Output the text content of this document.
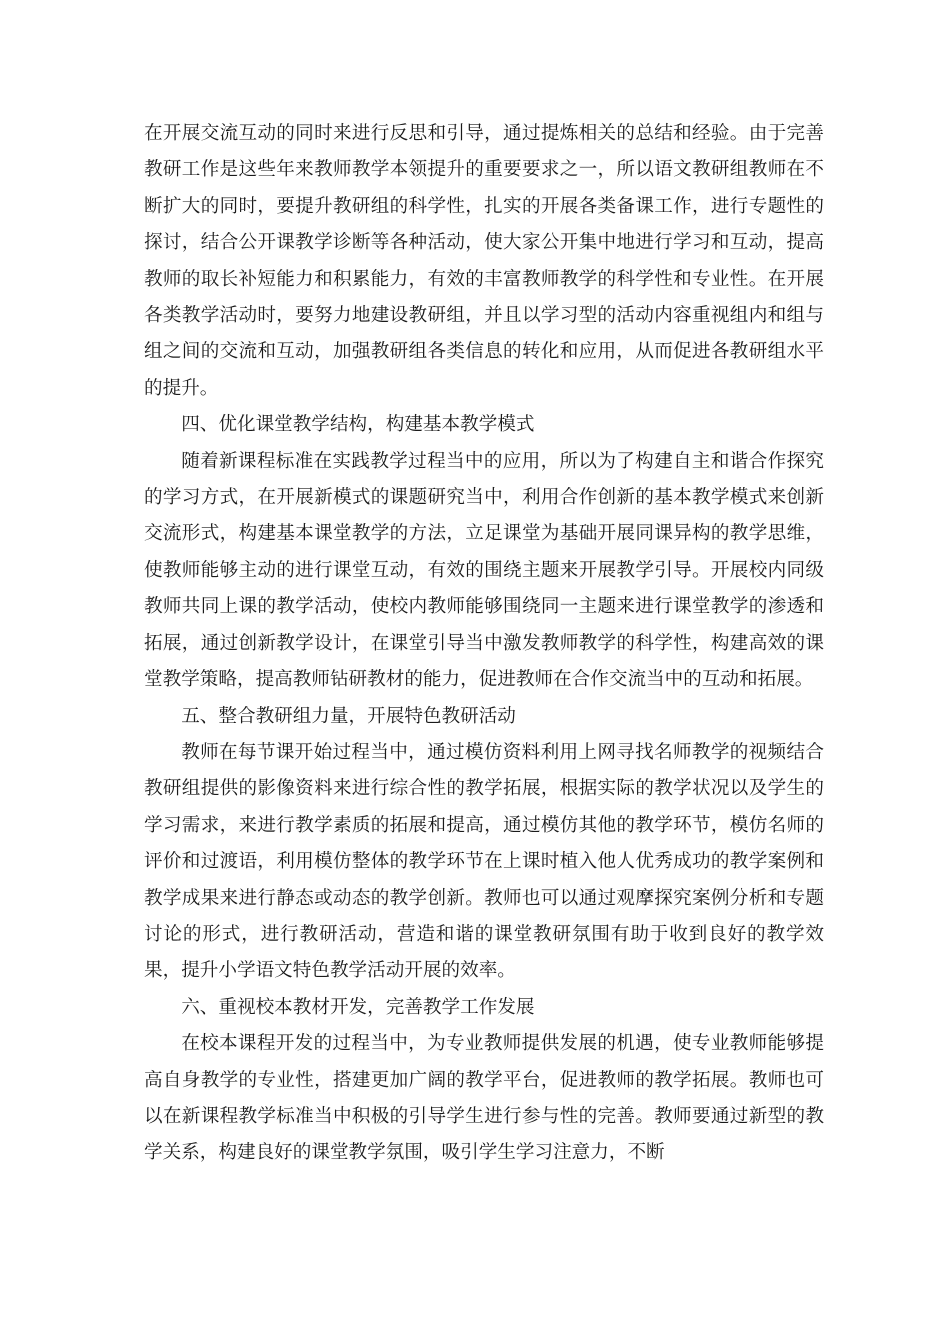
在开展交流互动的同时来进行反思和引导，通过提炼相关的总结和经验。由于完善教研工作是这些年来教师教学本领提升的重要要求之一，所以语文教研组教师在不断扩大的同时，要提升教研组的科学性，扎实的开展各类备课工作，进行专题性的探讨，结合公开课教学诊断等各种活动，使大家公开集中地进行学习和互动，提高教师的取长补短能力和积累能力，有效的丰富教师教学的科学性和专业性。在开展各类教学活动时，要努力地建设教研组，并且以学习型的活动内容重视组内和组与组之间的交流和互动，加强教研组各类信息的转化和应用，从而促进各教研组水平的提升。

四、优化课堂教学结构，构建基本教学模式

随着新课程标准在实践教学过程当中的应用，所以为了构建自主和谐合作探究的学习方式，在开展新模式的课题研究当中，利用合作创新的基本教学模式来创新交流形式，构建基本课堂教学的方法，立足课堂为基础开展同课异构的教学思维，使教师能够主动的进行课堂互动，有效的围绕主题来开展教学引导。开展校内同级教师共同上课的教学活动，使校内教师能够围绕同一主题来进行课堂教学的渗透和拓展，通过创新教学设计，在课堂引导当中激发教师教学的科学性，构建高效的课堂教学策略，提高教师钻研教材的能力，促进教师在合作交流当中的互动和拓展。

五、整合教研组力量，开展特色教研活动

教师在每节课开始过程当中，通过模仿资料利用上网寻找名师教学的视频结合教研组提供的影像资料来进行综合性的教学拓展，根据实际的教学状况以及学生的学习需求，来进行教学素质的拓展和提高，通过模仿其他的教学环节，模仿名师的评价和过渡语，利用模仿整体的教学环节在上课时植入他人优秀成功的教学案例和教学成果来进行静态或动态的教学创新。教师也可以通过观摩探究案例分析和专题讨论的形式，进行教研活动，营造和谐的课堂教研氛围有助于收到良好的教学效果，提升小学语文特色教学活动开展的效率。

六、重视校本教材开发，完善教学工作发展

在校本课程开发的过程当中，为专业教师提供发展的机遇，使专业教师能够提高自身教学的专业性，搭建更加广阔的教学平台，促进教师的教学拓展。教师也可以在新课程教学标准当中积极的引导学生进行参与性的完善。教师要通过新型的教学关系，构建良好的课堂教学氛围，吸引学生学习注意力，不断
